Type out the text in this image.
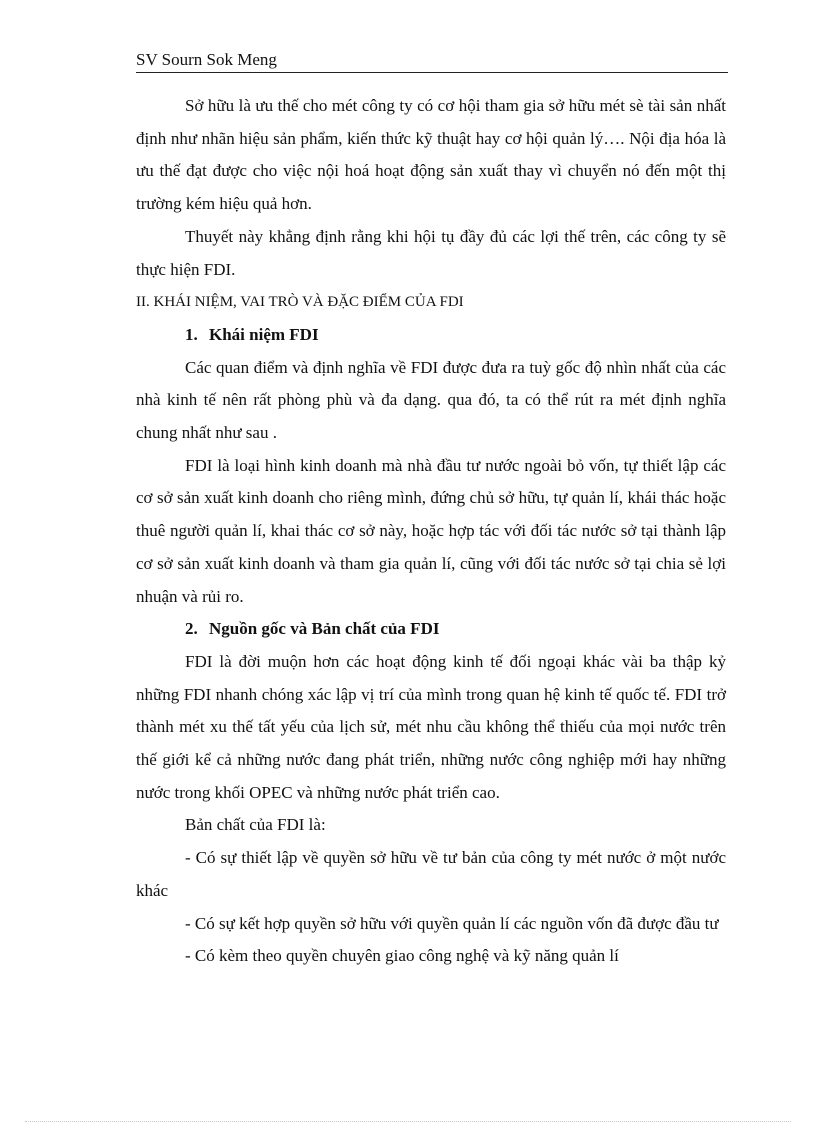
SV Sourn Sok Meng

Sở hữu là ưu thế cho mét công ty có cơ hội tham gia sở hữu mét sè tài sản nhất định như nhãn hiệu sản phẩm, kiến thức kỹ thuật hay cơ hội quản lý…. Nội địa hóa là ưu thế đạt được cho việc nội hoá hoạt động sản xuất thay vì chuyển nó đến một thị trường kém hiệu quả hơn.

Thuyết này khẳng định rằng khi hội tụ đầy đủ các lợi thế trên, các công ty sẽ thực hiện FDI.

II. KHÁI NIỆM, VAI TRÒ VÀ ĐẶC ĐIỂM CỦA FDI

1. Khái niệm FDI

Các quan điểm và định nghĩa về FDI được đưa ra tuỳ gốc độ nhìn nhất của các nhà kinh tế nên rất phòng phù và đa dạng. qua đó, ta có thể rút ra mét định nghĩa chung nhất như sau .

FDI là loại hình kinh doanh mà nhà đầu tư nước ngoài bỏ vốn, tự thiết lập các cơ sở sản xuất kinh doanh cho riêng mình, đứng chủ sở hữu, tự quản lí, khái thác hoặc thuê người quản lí, khai thác cơ sở này, hoặc hợp tác với đối tác nước sở tại thành lập cơ sở sản xuất kinh doanh và tham gia quản lí, cũng với đối tác nước sở tại chia sẻ lợi nhuận và rủi ro.

2. Nguồn gốc và Bản chất của FDI

FDI là đời muộn hơn các hoạt động kinh tế đối ngoại khác vài ba thập kỷ những FDI nhanh chóng xác lập vị trí của mình trong quan hệ kinh tế quốc tế. FDI trở thành mét xu thế tất yếu của lịch sử, mét nhu cầu không thể thiếu của mọi nước trên thế giới kể cả những nước đang phát triển, những nước công nghiệp mới hay những nước trong khối OPEC và những nước phát triển cao.

Bản chất của FDI là:

- Có sự thiết lập về quyền sở hữu về tư bản của công ty mét nước ở một nước khác

- Có sự kết hợp quyền sở hữu với quyền quản lí các nguồn vốn đã được đầu tư

- Có kèm theo quyền chuyên giao công nghệ và kỹ năng quản lí
